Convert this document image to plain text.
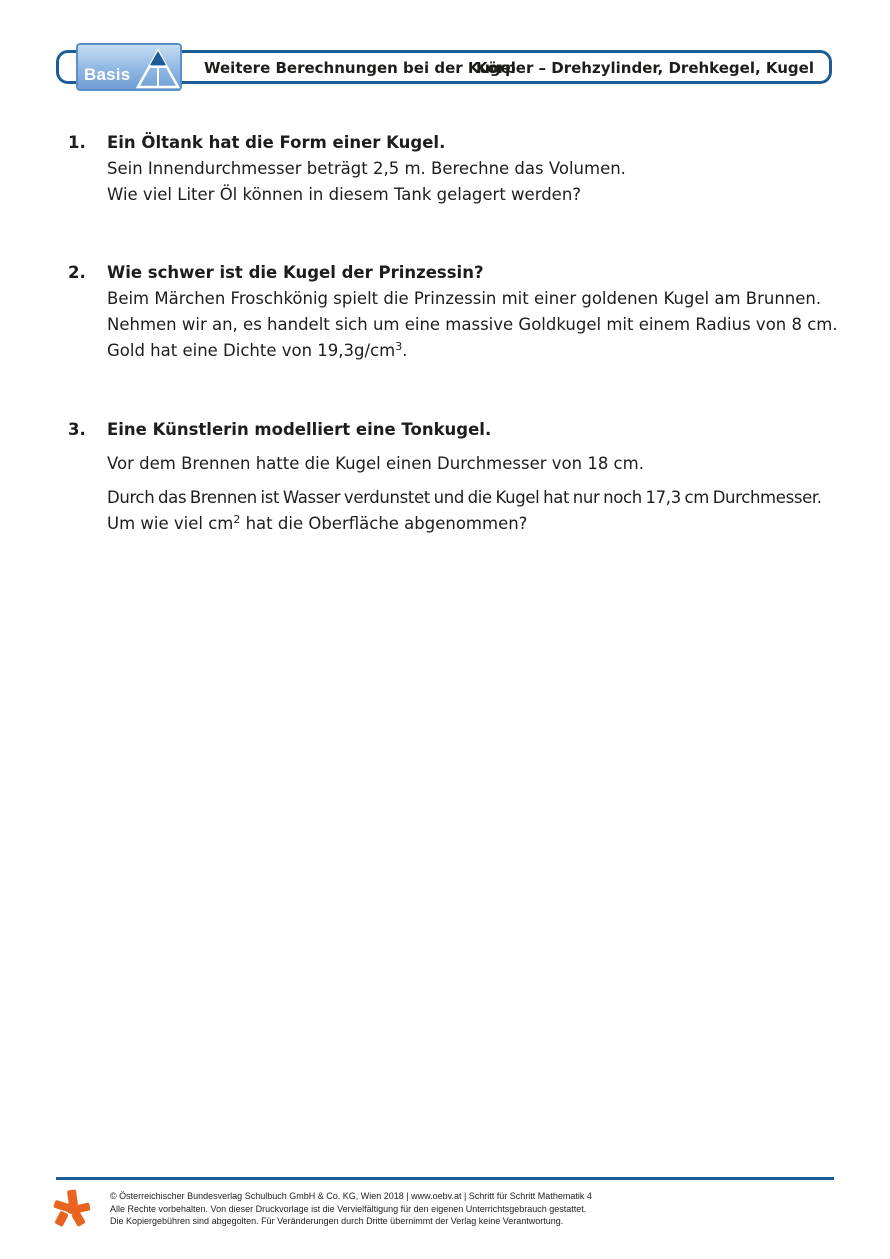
Basis	Weitere Berechnungen bei der Kugel
Körper – Drehzylinder, Drehkegel, Kugel
1. Ein Öltank hat die Form einer Kugel.

Sein Innendurchmesser beträgt 2,5 m. Berechne das Volumen.

Wie viel Liter Öl können in diesem Tank gelagert werden?

2. Wie schwer ist die Kugel der Prinzessin?

Beim Märchen Froschkönig spielt die Prinzessin mit einer goldenen Kugel am Brunnen.

Nehmen wir an, es handelt sich um eine massive Goldkugel mit einem Radius von 8 cm.

Gold hat eine Dichte von $19,3g/cm^3$.

3. Eine Künstlerin modelliert eine Tonkugel.

Vor dem Brennen hatte die Kugel einen Durchmesser von 18 cm.

Durch das Brennen ist Wasser verdunstet und die Kugel hat nur noch 17,3 cm Durchmesser.

Um wie viel $cm^2$ hat die Oberfläche abgenommen?

© Österreichischer Bundesverlag Schulbuch GmbH & Co. KG, Wien 2018 | www.oebv.at | Schritt für Schritt Mathematik 4
Alle Rechte vorbehalten. Von dieser Druckvorlage ist die Vervielfältigung für den eigenen Unterrichtsgebrauch gestattet.
Die Kopiergebühren sind abgegolten. Für Veränderungen durch Dritte übernimmt der Verlag keine Verantwortung.
